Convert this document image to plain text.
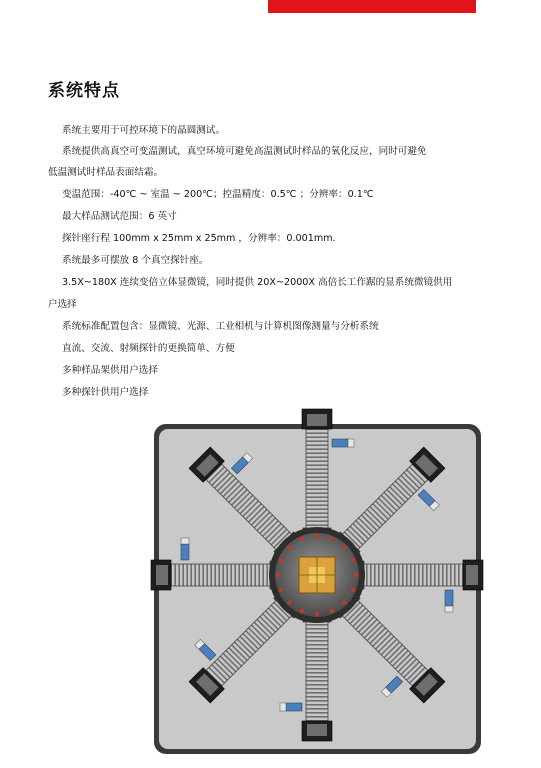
系统特点
系统主要用于可控环境下的晶圆测试。
系统提供高真空可变温测试，真空环境可避免高温测试时样品的氧化反应，同时可避免
低温测试时样品表面结霜。
变温范围：-40℃ ~ 室温 ~ 200℃；控温精度：0.5℃ ；分辨率：0.1℃
最大样品测试范围：6 英寸
探针座行程 100mm x 25mm x 25mm ，分辨率：0.001mm.
系统最多可摆放 8 个真空探针座。
3.5X~180X 连续变倍立体显微镜，同时提供 20X~2000X 高倍长工作踞的显系统微镜供用
户选择
系统标准配置包含：显微镜、光源、工业相机与计算机图像测量与分析系统
直流、交流、射频探针的更换简单、方便
多种样品架供用户选择
多种探针供用户选择
